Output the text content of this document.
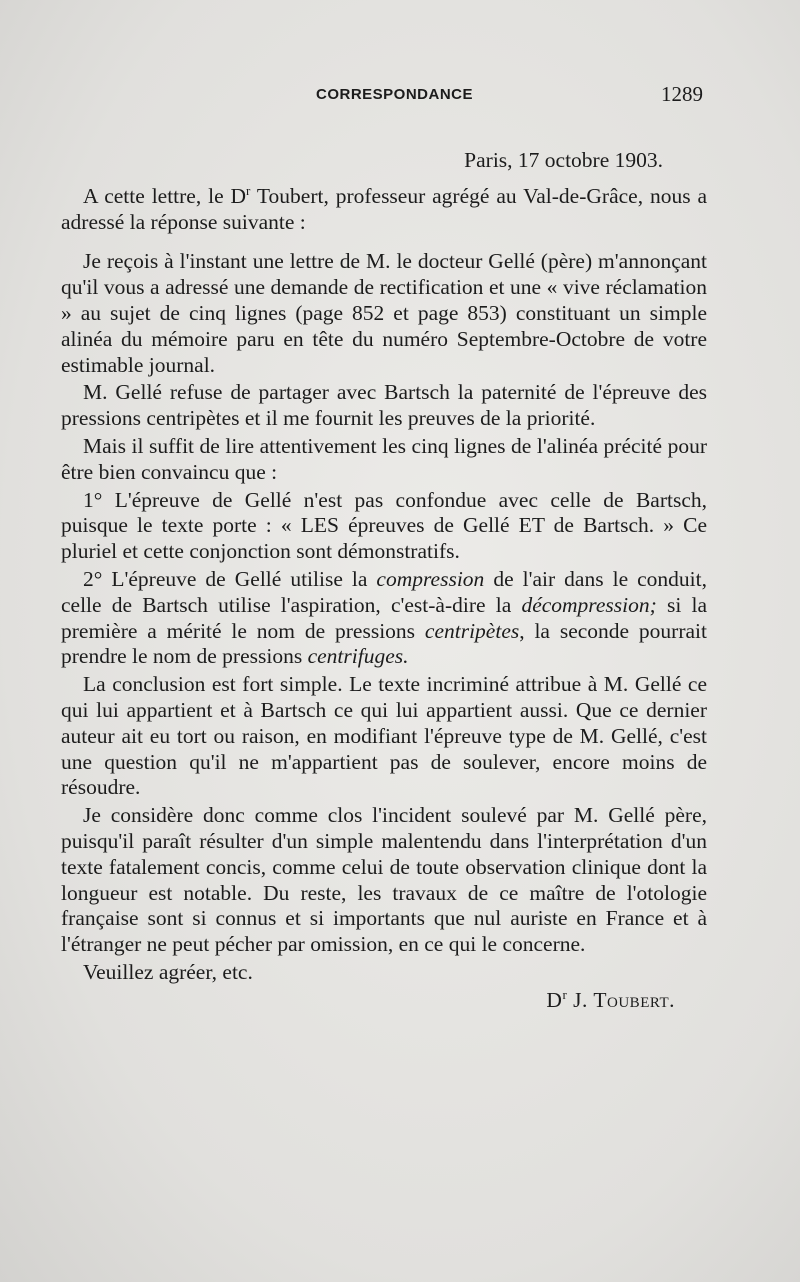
CORRESPONDANCE	1289

Paris, 17 octobre 1903.

A cette lettre, le $D^r$ Toubert, professeur agrégé au Val-de-Grâce, nous a adressé la réponse suivante :

Je reçois à l'instant une lettre de M. le docteur Gellé (père) m'annonçant qu'il vous a adressé une demande de rectification et une « vive réclamation » au sujet de cinq lignes (page 852 et page 853) constituant un simple alinéa du mémoire paru en tête du numéro Septembre-Octobre de votre estimable journal.

M. Gellé refuse de partager avec Bartsch la paternité de l'épreuve des pressions centripètes et il me fournit les preuves de la priorité.

Mais il suffit de lire attentivement les cinq lignes de l'alinéa précité pour être bien convaincu que :

1° L'épreuve de Gellé n'est pas confondue avec celle de Bartsch, puisque le texte porte : « LES épreuves de Gellé ET de Bartsch. » Ce pluriel et cette conjonction sont démonstratifs.

2° L'épreuve de Gellé utilise la compression de l'air dans le conduit, celle de Bartsch utilise l'aspiration, c'est-à-dire la décompression; si la première a mérité le nom de pressions centripètes, la seconde pourrait prendre le nom de pressions centrifuges.

La conclusion est fort simple. Le texte incriminé attribue à M. Gellé ce qui lui appartient et à Bartsch ce qui lui appartient aussi. Que ce dernier auteur ait eu tort ou raison, en modifiant l'épreuve type de M. Gellé, c'est une question qu'il ne m'appartient pas de soulever, encore moins de résoudre.

Je considère donc comme clos l'incident soulevé par M. Gellé père, puisqu'il paraît résulter d'un simple malentendu dans l'interprétation d'un texte fatalement concis, comme celui de toute observation clinique dont la longueur est notable. Du reste, les travaux de ce maître de l'otologie française sont si connus et si importants que nul auriste en France et à l'étranger ne peut pécher par omission, en ce qui le concerne.

Veuillez agréer, etc.

$D^r$ J. Toubert.
